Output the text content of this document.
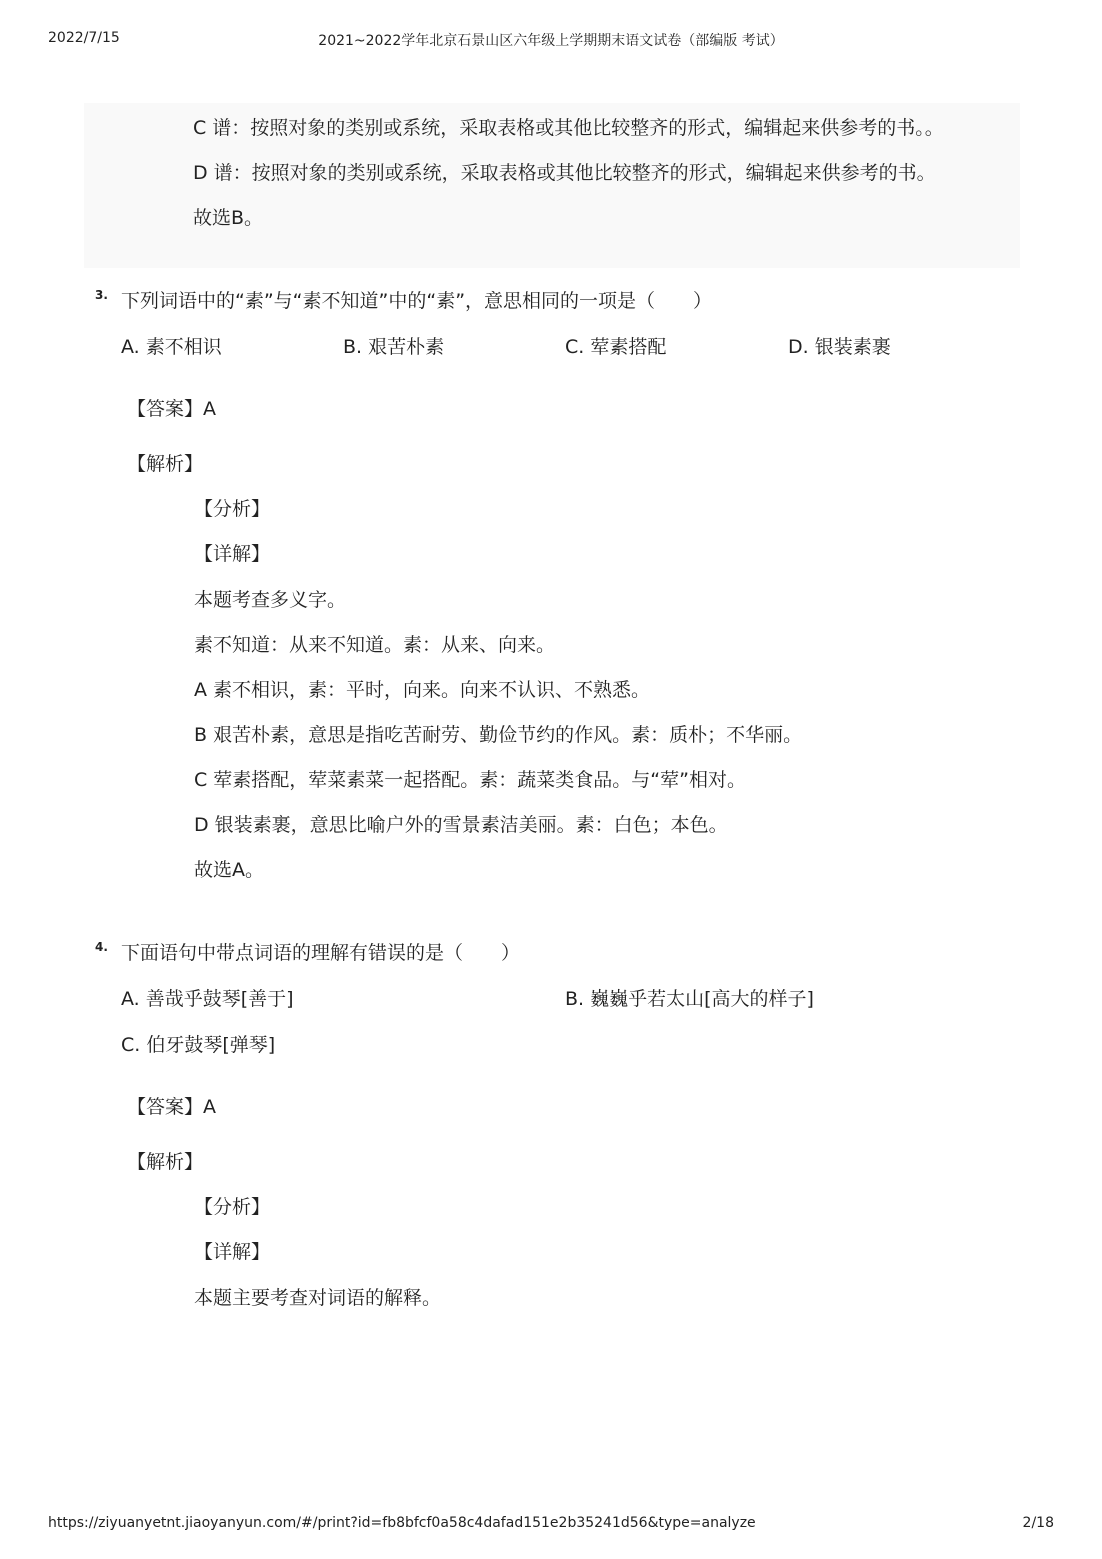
2022/7/15	2021~2022学年北京石景山区六年级上学期期末语文试卷（部编版 考试）
C 谱：按照对象的类别或系统，采取表格或其他比较整齐的形式，编辑起来供参考的书。。
D 谱：按照对象的类别或系统，采取表格或其他比较整齐的形式，编辑起来供参考的书。
故选B。
3. 下列词语中的“素”与“素不知道”中的“素”，意思相同的一项是（　　）
A. 素不相识	B. 艰苦朴素	C. 荤素搭配	D. 银装素裹
【答案】A
【解析】
【分析】
【详解】
本题考查多义字。
素不知道：从来不知道。素：从来、向来。
A 素不相识，素：平时，向来。向来不认识、不熟悉。
B 艰苦朴素，意思是指吃苦耐劳、勤俭节约的作风。素：质朴；不华丽。
C 荤素搭配，荤菜素菜一起搭配。素：蔬菜类食品。与“荤”相对。
D 银装素裹，意思比喻户外的雪景素洁美丽。素：白色；本色。
故选A。
4. 下面语句中带点词语的理解有错误的是（　　）
A. 善哉乎鼓琴[善于]	B. 巍巍乎若太山[高大的样子]
C. 伯牙鼓琴[弹琴]
【答案】A
【解析】
【分析】
【详解】
本题主要考查对词语的解释。
https://ziyuanyetnt.jiaoyanyun.com/#/print?id=fb8bfcf0a58c4dafad151e2b35241d56&type=analyze	2/18
